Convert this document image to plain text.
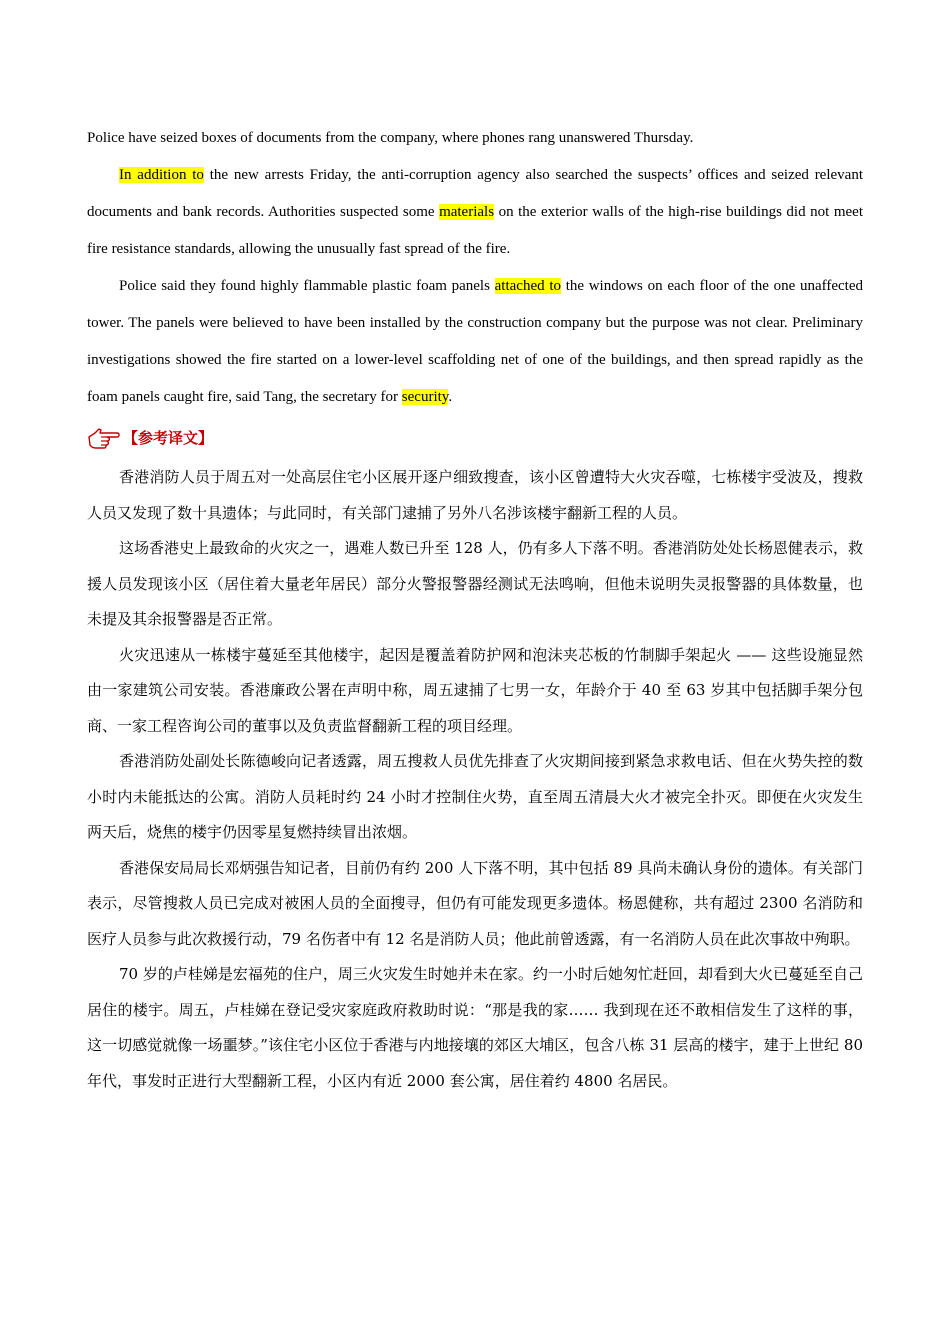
Police have seized boxes of documents from the company, where phones rang unanswered Thursday.

In addition to the new arrests Friday, the anti-corruption agency also searched the suspects’ offices and seized relevant documents and bank records. Authorities suspected some materials on the exterior walls of the high-rise buildings did not meet fire resistance standards, allowing the unusually fast spread of the fire.

Police said they found highly flammable plastic foam panels attached to the windows on each floor of the one unaffected tower. The panels were believed to have been installed by the construction company but the purpose was not clear. Preliminary investigations showed the fire started on a lower-level scaffolding net of one of the buildings, and then spread rapidly as the foam panels caught fire, said Tang, the secretary for security.

【参考译文】

香港消防人员于周五对一处高层住宅小区展开逐户细致搜查，该小区曾遭特大火灾吞噬，七栋楼宇受波及，搜救人员又发现了数十具遗体；与此同时，有关部门逮捕了另外八名涉该楼宇翻新工程的人员。

这场香港史上最致命的火灾之一，遇难人数已升至 128 人，仍有多人下落不明。香港消防处处长杨恩健表示，救援人员发现该小区（居住着大量老年居民）部分火警报警器经测试无法鸣响，但他未说明失灵报警器的具体数量，也未提及其余报警器是否正常。

火灾迅速从一栋楼宇蔓延至其他楼宇，起因是覆盖着防护网和泡沫夹芯板的竹制脚手架起火 —— 这些设施显然由一家建筑公司安装。香港廉政公署在声明中称，周五逮捕了七男一女，年龄介于 40 至 63 岁其中包括脚手架分包商、一家工程咨询公司的董事以及负责监督翻新工程的项目经理。

香港消防处副处长陈德峻向记者透露，周五搜救人员优先排查了火灾期间接到紧急求救电话、但在火势失控的数小时内未能抵达的公寓。消防人员耗时约 24 小时才控制住火势，直至周五清晨大火才被完全扑灭。即便在火灾发生两天后，烧焦的楼宇仍因零星复燃持续冒出浓烟。

香港保安局局长邓炳强告知记者，目前仍有约 200 人下落不明，其中包括 89 具尚未确认身份的遗体。有关部门表示，尽管搜救人员已完成对被困人员的全面搜寻，但仍有可能发现更多遗体。杨恩健称，共有超过 2300 名消防和医疗人员参与此次救援行动，79 名伤者中有 12 名是消防人员；他此前曾透露，有一名消防人员在此次事故中殉职。

70 岁的卢桂娣是宏福苑的住户，周三火灾发生时她并未在家。约一小时后她匆忙赶回，却看到大火已蔓延至自己居住的楼宇。周五，卢桂娣在登记受灾家庭政府救助时说：“那是我的家…… 我到现在还不敢相信发生了这样的事，这一切感觉就像一场噩梦。”该住宅小区位于香港与内地接壤的郊区大埔区，包含八栋 31 层高的楼宇，建于上世纪 80 年代，事发时正进行大型翻新工程，小区内有近 2000 套公寓，居住着约 4800 名居民。
